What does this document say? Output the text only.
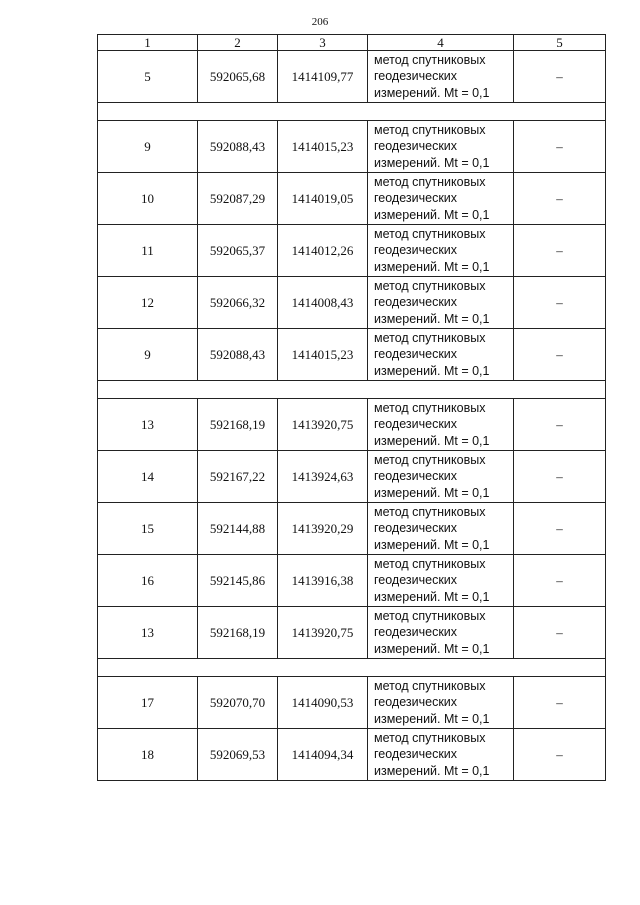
206
1	2	3	4	5
5	592065,68	1414109,77	метод спутниковых
геодезических
измерений. Mt = 0,1	–

9	592088,43	1414015,23	метод спутниковых
геодезических
измерений. Mt = 0,1	–
10	592087,29	1414019,05	метод спутниковых
геодезических
измерений. Mt = 0,1	–
11	592065,37	1414012,26	метод спутниковых
геодезических
измерений. Mt = 0,1	–
12	592066,32	1414008,43	метод спутниковых
геодезических
измерений. Mt = 0,1	–
9	592088,43	1414015,23	метод спутниковых
геодезических
измерений. Mt = 0,1	–

13	592168,19	1413920,75	метод спутниковых
геодезических
измерений. Mt = 0,1	–
14	592167,22	1413924,63	метод спутниковых
геодезических
измерений. Mt = 0,1	–
15	592144,88	1413920,29	метод спутниковых
геодезических
измерений. Mt = 0,1	–
16	592145,86	1413916,38	метод спутниковых
геодезических
измерений. Mt = 0,1	–
13	592168,19	1413920,75	метод спутниковых
геодезических
измерений. Mt = 0,1	–

17	592070,70	1414090,53	метод спутниковых
геодезических
измерений. Mt = 0,1	–
18	592069,53	1414094,34	метод спутниковых
геодезических
измерений. Mt = 0,1	–
